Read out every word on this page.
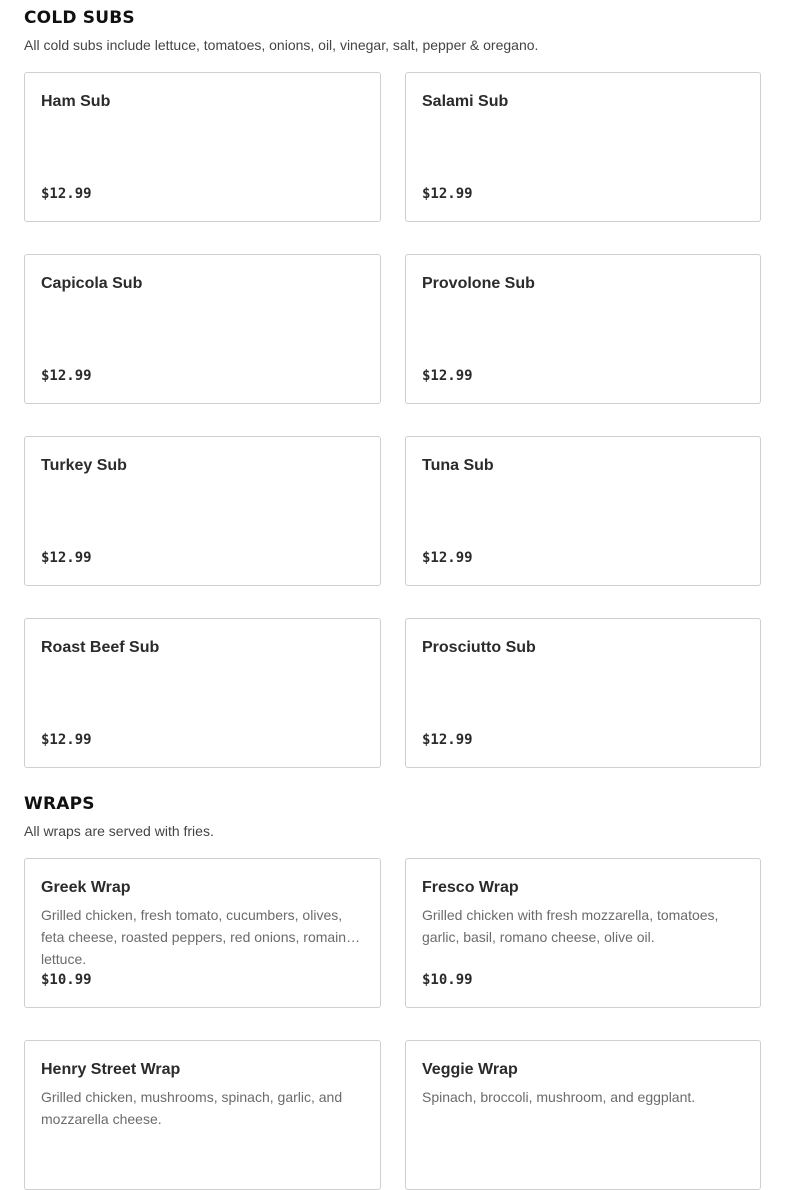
COLD SUBS

All cold subs include lettuce, tomatoes, onions, oil, vinegar, salt, pepper & oregano.

Ham Sub
$12.99
Salami Sub
$12.99
Capicola Sub
$12.99
Provolone Sub
$12.99
Turkey Sub
$12.99
Tuna Sub
$12.99
Roast Beef Sub
$12.99
Prosciutto Sub
$12.99
WRAPS

All wraps are served with fries.

Greek Wrap
Grilled chicken, fresh tomato, cucumbers, olives, feta cheese, roasted peppers, red onions, romaine lettuce.
$10.99
Fresco Wrap
Grilled chicken with fresh mozzarella, tomatoes, garlic, basil, romano cheese, olive oil.
$10.99
Henry Street Wrap
Grilled chicken, mushrooms, spinach, garlic, and mozzarella cheese.
Veggie Wrap
Spinach, broccoli, mushroom, and eggplant.
